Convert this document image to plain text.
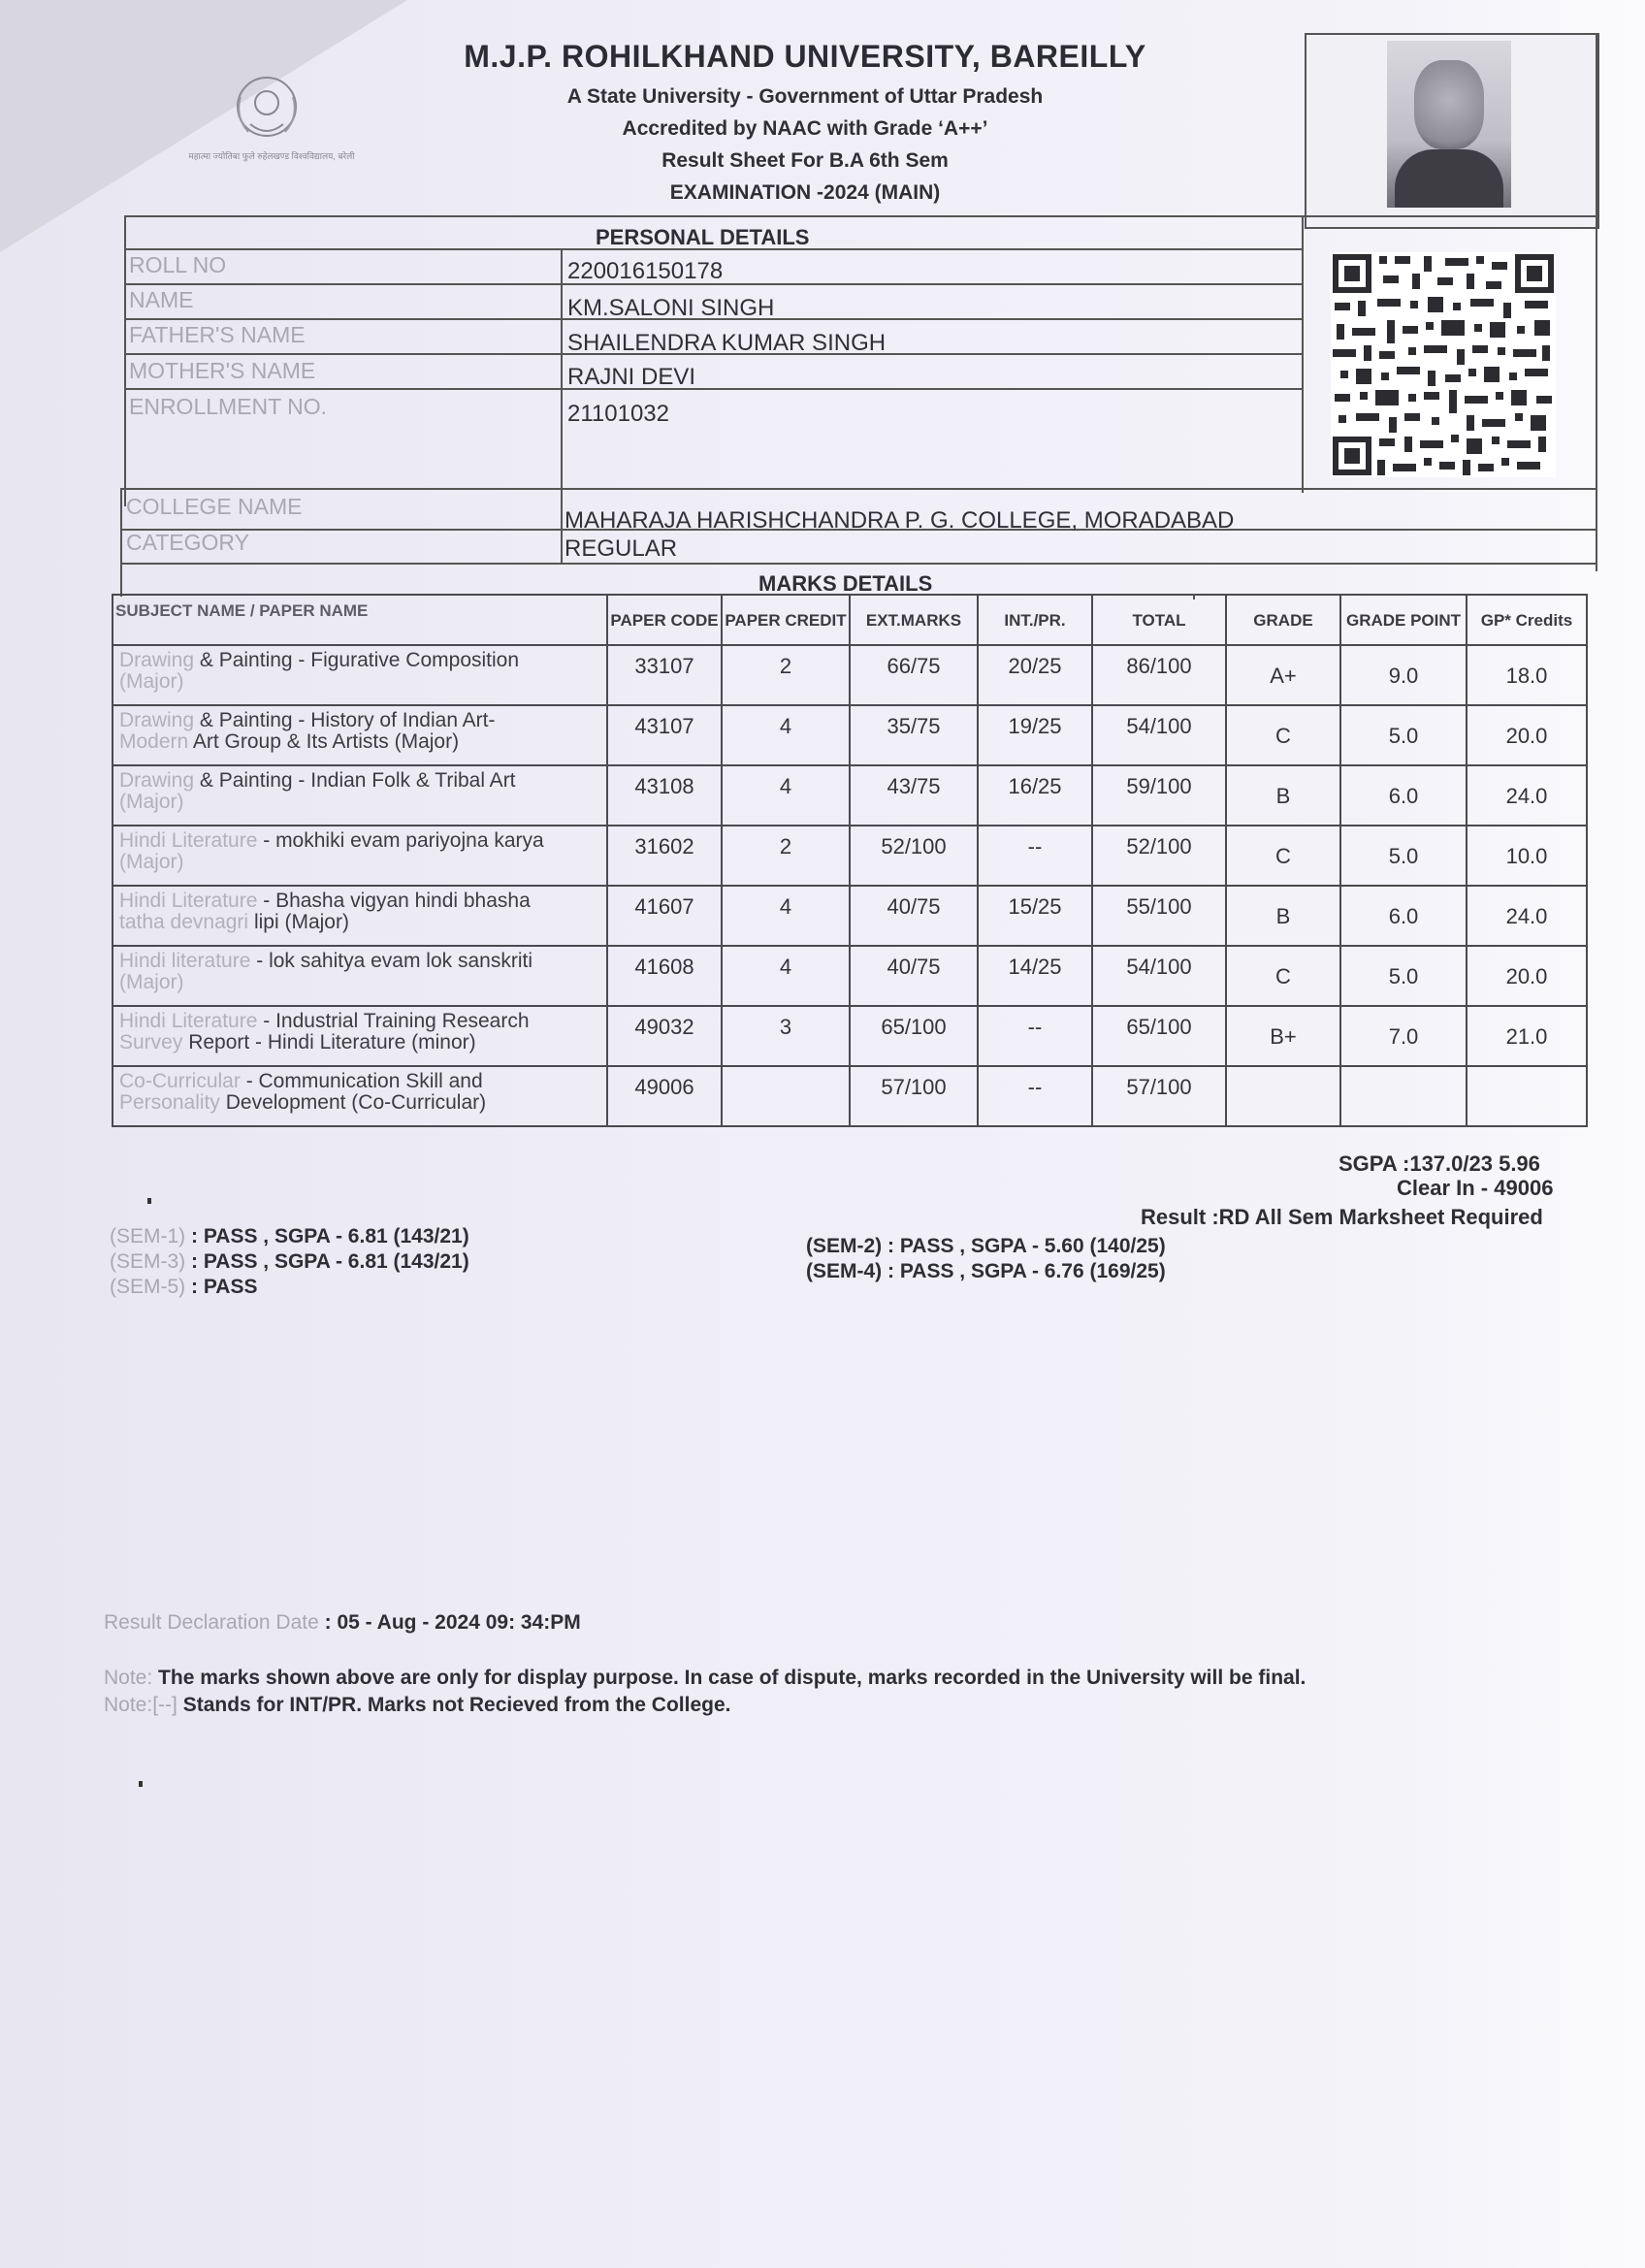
महात्मा ज्योतिबा फुले रुहेलखण्ड विश्वविद्यालय, बरेली
M.J.P. ROHILKHAND UNIVERSITY, BAREILLY
A State University - Government of Uttar Pradesh
Accredited by NAAC with Grade ‘A++’
Result Sheet For B.A 6th Sem
EXAMINATION -2024 (MAIN)
PERSONAL DETAILS
ROLL NO	220016150178
NAME	KM.SALONI SINGH
FATHER'S NAME	SHAILENDRA KUMAR SINGH
MOTHER'S NAME	RAJNI DEVI
ENROLLMENT NO.	21101032
COLLEGE NAME
MAHARAJA HARISHCHANDRA P. G. COLLEGE, MORADABAD
CATEGORY	REGULAR
MARKS DETAILS
SUBJECT NAME / PAPER NAME	PAPER CODE	PAPER CREDIT	EXT.MARKS	INT./PR.	TOTAL	GRADE	GRADE POINT	GP* Credits
Drawing & Painting - Figurative Composition
(Major)	33107	2	66/75	20/25	86/100	A+	9.0	18.0
Drawing & Painting - History of Indian Art-
Modern Art Group & Its Artists (Major)	43107	4	35/75	19/25	54/100	C	5.0	20.0
Drawing & Painting - Indian Folk & Tribal Art
(Major)	43108	4	43/75	16/25	59/100	B	6.0	24.0
Hindi Literature - mokhiki evam pariyojna karya
(Major)	31602	2	52/100	--	52/100	C	5.0	10.0
Hindi Literature - Bhasha vigyan hindi bhasha
tatha devnagri lipi (Major)	41607	4	40/75	15/25	55/100	B	6.0	24.0
Hindi literature - lok sahitya evam lok sanskriti
(Major)	41608	4	40/75	14/25	54/100	C	5.0	20.0
Hindi Literature - Industrial Training Research
Survey Report - Hindi Literature (minor)	49032	3	65/100	--	65/100	B+	7.0	21.0
Co-Curricular - Communication Skill and
Personality Development (Co-Curricular)	49006		57/100	--	57/100			
SGPA :137.0/23 5.96
Clear In - 49006
Result :RD All Sem Marksheet Required
(SEM-1) : PASS , SGPA - 6.81 (143/21)
(SEM-3) : PASS , SGPA - 6.81 (143/21)
(SEM-5) : PASS
(SEM-2) : PASS , SGPA - 5.60 (140/25)
(SEM-4) : PASS , SGPA - 6.76 (169/25)
Result Declaration Date : 05 - Aug - 2024 09: 34:PM
Note: The marks shown above are only for display purpose. In case of dispute, marks recorded in the University will be final.
Note:[--] Stands for INT/PR. Marks not Recieved from the College.
